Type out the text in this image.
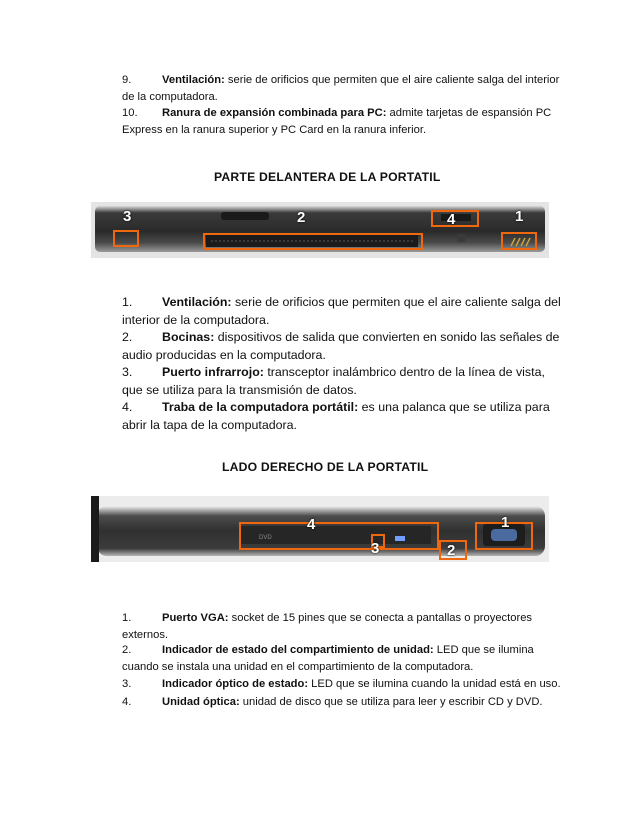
9.	Ventilación: serie de orificios que permiten que el aire caliente salga del interior de la computadora.
10. Ranura de expansión combinada para PC: admite tarjetas de espansión PC Express en la ranura superior y PC Card en la ranura inferior.
PARTE DELANTERA DE LA PORTATIL
3	2	4	1
1. Ventilación: serie de orificios que permiten que el aire caliente salga del interior de la computadora.
2. Bocinas: dispositivos de salida que convierten en sonido las señales de audio producidas en la computadora.
3. Puerto infrarrojo: transceptor inalámbrico dentro de la línea de vista, que se utiliza para la transmisión de datos.
4. Traba de la computadora portátil: es una palanca que se utiliza para abrir la tapa de la computadora.
LADO DERECHO DE LA PORTATIL
DVD
4
3	2
1
1.	Puerto VGA: socket de 15 pines que se conecta a pantallas o proyectores externos.
2.	Indicador de estado del compartimiento de unidad: LED que se ilumina cuando se instala una unidad en el compartimiento de la computadora.
3.	Indicador óptico de estado: LED que se ilumina cuando la unidad está en uso.
4.	Unidad óptica: unidad de disco que se utiliza para leer y escribir CD y DVD.
